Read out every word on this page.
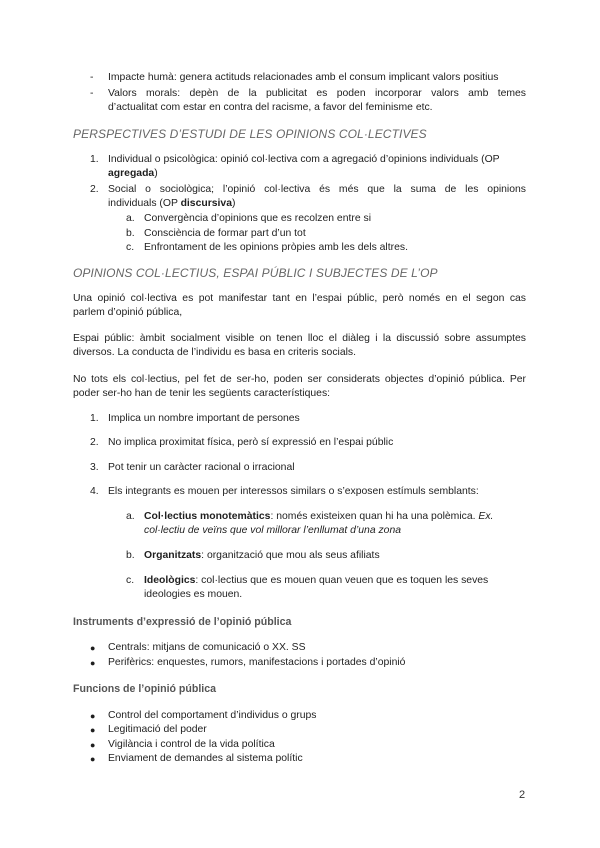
- Impacte humà: genera actituds relacionades amb el consum implicant valors positius
- Valors morals: depèn de la publicitat es poden incorporar valors amb temes
d’actualitat com estar en contra del racisme, a favor del feminisme etc.
PERSPECTIVES D’ESTUDI DE LES OPINIONS COL·LECTIVES
1. Individual o psicològica: opinió col·lectiva com a agregació d’opinions individuals (OP
agregada)
2. Social o sociològica; l’opinió col·lectiva és més que la suma de les opinions
individuals (OP discursiva)
a. Convergència d’opinions que es recolzen entre si
b. Consciència de formar part d’un tot
c. Enfrontament de les opinions pròpies amb les dels altres.
OPINIONS COL·LECTIUS, ESPAI PÚBLIC I SUBJECTES DE L’OP
Una opinió col·lectiva es pot manifestar tant en l’espai públic, però només en el segon cas
parlem d’opinió pública,
Espai públic: àmbit socialment visible on tenen lloc el diàleg i la discussió sobre assumptes
diversos. La conducta de l’individu es basa en criteris socials.
No tots els col·lectius, pel fet de ser-ho, poden ser considerats objectes d’opinió pública. Per
poder ser-ho han de tenir les següents característiques:
1. Implica un nombre important de persones
2. No implica proximitat física, però sí expressió en l’espai públic
3. Pot tenir un caràcter racional o irracional
4. Els integrants es mouen per interessos similars o s’exposen estímuls semblants:
a. Col·lectius monotemàtics: només existeixen quan hi ha una polèmica. Ex.
col·lectiu de veïns que vol millorar l’enllumat d’una zona
b. Organitzats: organització que mou als seus afiliats
c. Ideològics: col·lectius que es mouen quan veuen que es toquen les seves
ideologies es mouen.
Instruments d’expressió de l’opinió pública
● Centrals: mitjans de comunicació o XX. SS
● Perifèrics: enquestes, rumors, manifestacions i portades d’opinió
Funcions de l’opinió pública
● Control del comportament d’individus o grups
● Legitimació del poder
● Vigilància i control de la vida política
● Enviament de demandes al sistema polític
2
